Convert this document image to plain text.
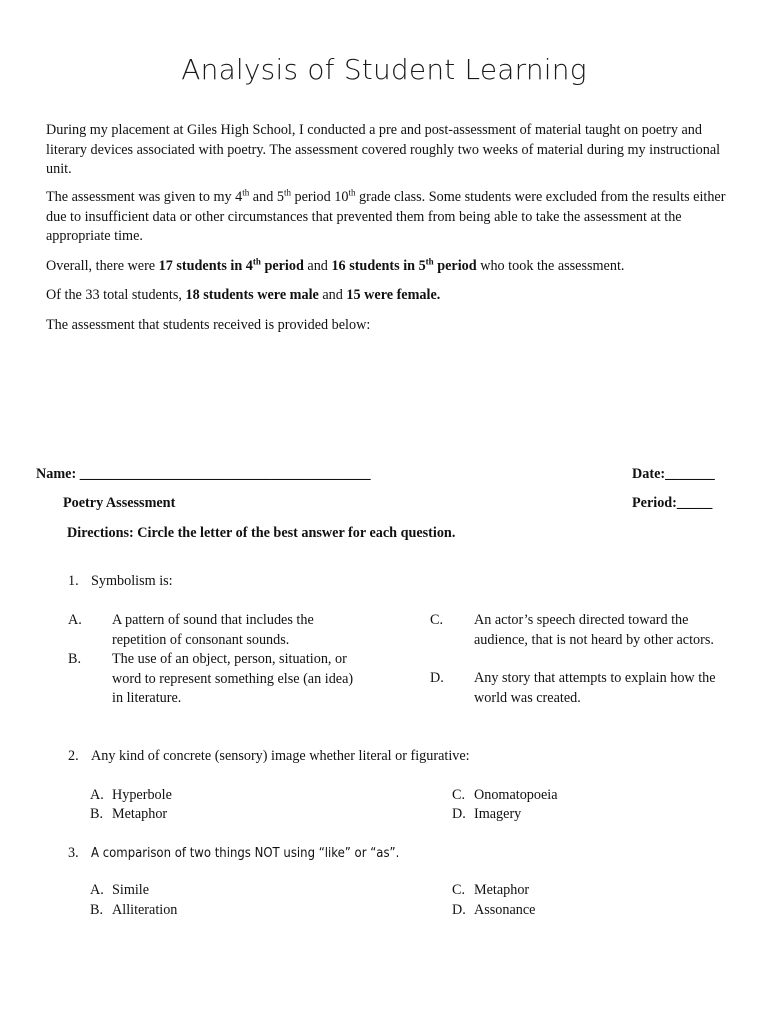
Analysis of Student Learning
During my placement at Giles High School, I conducted a pre and post-assessment of material taught on poetry and literary devices associated with poetry. The assessment covered roughly two weeks of material during my instructional unit.
The assessment was given to my 4th and 5th period 10th grade class. Some students were excluded from the results either due to insufficient data or other circumstances that prevented them from being able to take the assessment at the appropriate time.
Overall, there were 17 students in 4th period and 16 students in 5th period who took the assessment.
Of the 33 total students, 18 students were male and 15 were female.
The assessment that students received is provided below:
Name: _________________________________________	Date:_______
Poetry Assessment	Period:_____
Directions: Circle the letter of the best answer for each question.
1. Symbolism is:
A. A pattern of sound that includes the repetition of consonant sounds.
B. The use of an object, person, situation, or word to represent something else (an idea) in literature.
C. An actor’s speech directed toward the audience, that is not heard by other actors.
D. Any story that attempts to explain how the world was created.
2. Any kind of concrete (sensory) image whether literal or figurative:
A. Hyperbole
B. Metaphor
C. Onomatopoeia
D. Imagery
3. A comparison of two things NOT using “like” or “as”.
A. Simile
B. Alliteration
C. Metaphor
D. Assonance
